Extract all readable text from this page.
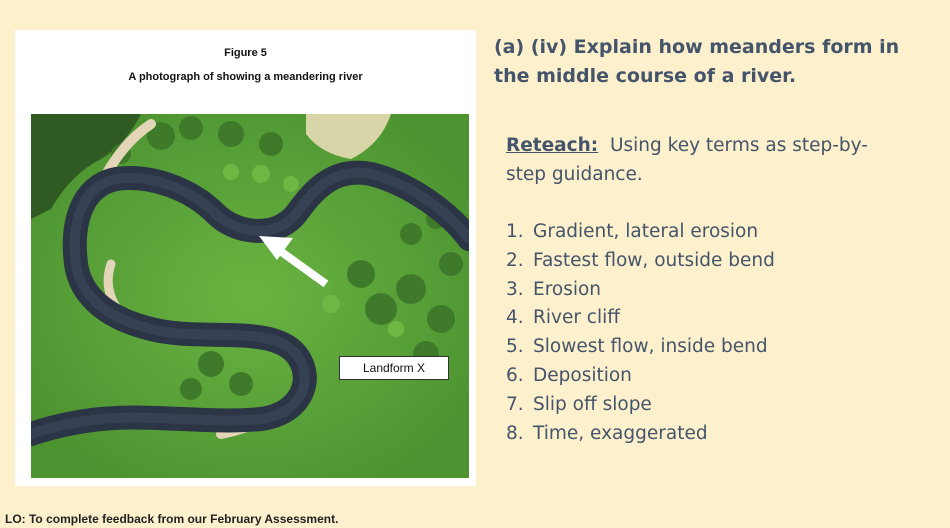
Figure 5
A photograph of showing a meandering river
Landform X
(a) (iv) Explain how meanders form in the middle course of a river.
Reteach: Using key terms as step-by-step guidance.
1. Gradient, lateral erosion
2. Fastest flow, outside bend
3. Erosion
4. River cliff
5. Slowest flow, inside bend
6. Deposition
7. Slip off slope
8. Time, exaggerated
LO: To complete feedback from our February Assessment.
